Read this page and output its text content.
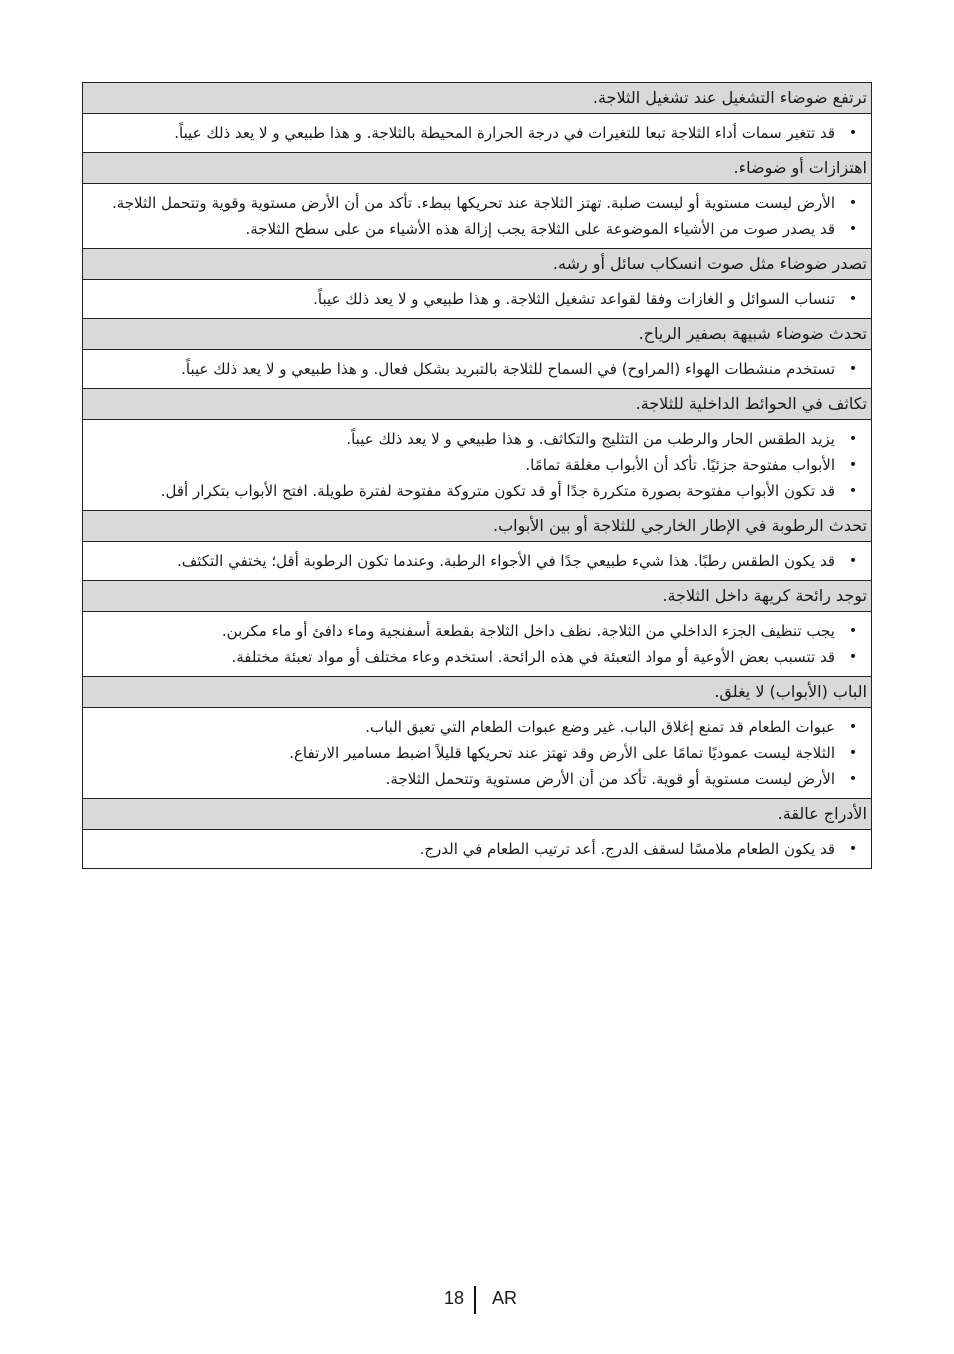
ترتفع ضوضاء التشغيل عند تشغيل الثلاجة.
•
قد تتغير سمات أداء الثلاجة تبعا للتغيرات في درجة الحرارة المحيطة بالثلاجة. و هذا طبيعي و لا يعد ذلك عيباً.
اهتزازات أو ضوضاء.
•
الأرض ليست مستوية أو ليست صلبة. تهتز الثلاجة عند تحريكها ببطء. تأكد من أن الأرض مستوية وقوية وتتحمل الثلاجة.
•
قد يصدر صوت من الأشياء الموضوعة على الثلاجة يجب إزالة هذه الأشياء من على سطح الثلاجة.
تصدر ضوضاء مثل صوت انسكاب سائل أو رشه.
•
تنساب السوائل و الغازات وفقا لقواعد تشغيل الثلاجة. و هذا طبيعي و لا يعد ذلك عيباً.
تحدث ضوضاء شبيهة بصفير الرياح.
•
تستخدم منشطات الهواء (المراوح) في السماح للثلاجة بالتبريد بشكل فعال. و هذا طبيعي و لا يعد ذلك عيباً.
تكاثف في الحوائط الداخلية للثلاجة.
•
يزيد الطقس الحار والرطب من التثليج والتكاثف. و هذا طبيعي و لا يعد ذلك عيباً.
•
الأبواب مفتوحة جزئيًا. تأكد أن الأبواب مغلقة تمامًا.
•
قد تكون الأبواب مفتوحة بصورة متكررة جدًا أو قد تكون متروكة مفتوحة لفترة طويلة. افتح الأبواب بتكرار أقل.
تحدث الرطوبة في الإطار الخارجي للثلاجة أو بين الأبواب.
•
قد يكون الطقس رطبًا. هذا شيء طبيعي جدًا في الأجواء الرطبة. وعندما تكون الرطوبة أقل؛ يختفي التكثف.
توجد رائحة كريهة داخل الثلاجة.
•
يجب تنظيف الجزء الداخلي من الثلاجة. نظف داخل الثلاجة بقطعة أسفنجية وماء دافئ أو ماء مكربن.
•
قد تتسبب بعض الأوعية أو مواد التعبئة في هذه الرائحة. استخدم وعاء مختلف أو مواد تعبئة مختلفة.
الباب (الأبواب) لا يغلق.
•
عبوات الطعام قد تمنع إغلاق الباب. غير وضع عبوات الطعام التي تعيق الباب.
•
الثلاجة ليست عموديًا تمامًا على الأرض وقد تهتز عند تحريكها قليلاً اضبط مسامير الارتفاع.
•
الأرض ليست مستوية أو قوية. تأكد من أن الأرض مستوية وتتحمل الثلاجة.
الأدراج عالقة.
•
قد يكون الطعام ملامسًا لسقف الدرج. أعد ترتيب الطعام في الدرج.
18 AR
